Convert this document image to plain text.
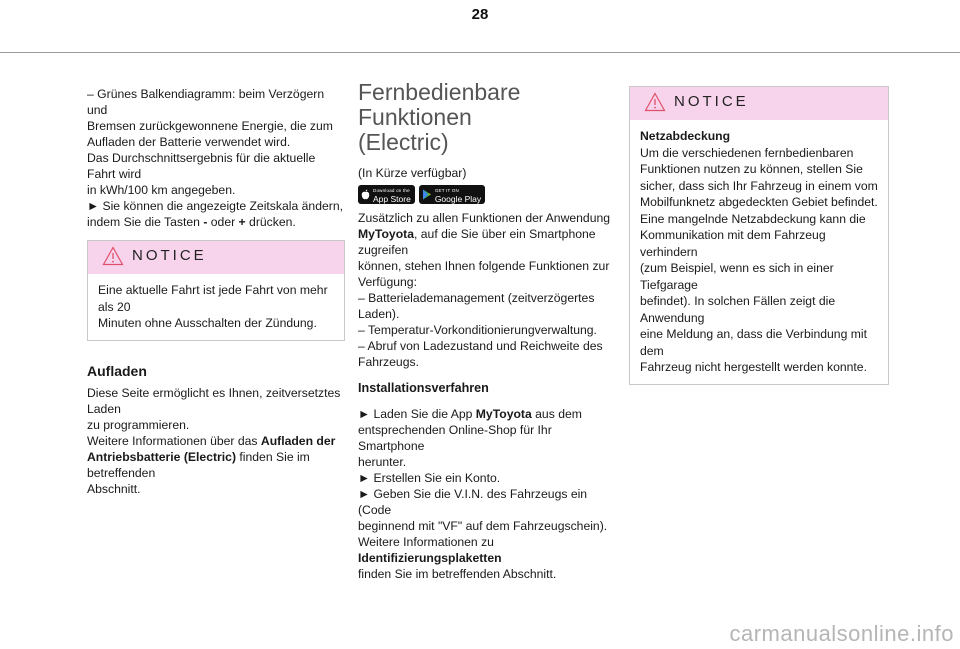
28

– Grünes Balkendiagramm: beim Verzögern und

Bremsen zurückgewonnene Energie, die zum

Aufladen der Batterie verwendet wird.

Das Durchschnittsergebnis für die aktuelle Fahrt wird

in kWh/100 km angegeben.

► Sie können die angezeigte Zeitskala ändern,

indem Sie die Tasten - oder + drücken.

NOTICE

Eine aktuelle Fahrt ist jede Fahrt von mehr als 20

Minuten ohne Ausschalten der Zündung.

Aufladen

Diese Seite ermöglicht es Ihnen, zeitversetztes Laden

zu programmieren.

Weitere Informationen über das Aufladen der

Antriebsbatterie (Electric) finden Sie im betreffenden

Abschnitt.

Fernbedienbare Funktionen

(Electric)

(In Kürze verfügbar)

Download on the
App Store
GET IT ON
Google Play

Zusätzlich zu allen Funktionen der Anwendung

MyToyota, auf die Sie über ein Smartphone zugreifen

können, stehen Ihnen folgende Funktionen zur

Verfügung:

– Batterielademanagement (zeitverzögertes Laden).

– Temperatur-Vorkonditionierungverwaltung.

– Abruf von Ladezustand und Reichweite des

Fahrzeugs.

Installationsverfahren

► Laden Sie die App MyToyota aus dem

entsprechenden Online-Shop für Ihr Smartphone

herunter.

► Erstellen Sie ein Konto.

► Geben Sie die V.I.N. des Fahrzeugs ein (Code

beginnend mit "VF" auf dem Fahrzeugschein).

Weitere Informationen zu Identifizierungsplaketten

finden Sie im betreffenden Abschnitt.

NOTICE

Netzabdeckung

Um die verschiedenen fernbedienbaren

Funktionen nutzen zu können, stellen Sie

sicher, dass sich Ihr Fahrzeug in einem vom

Mobilfunknetz abgedeckten Gebiet befindet.

Eine mangelnde Netzabdeckung kann die

Kommunikation mit dem Fahrzeug verhindern

(zum Beispiel, wenn es sich in einer Tiefgarage

befindet). In solchen Fällen zeigt die Anwendung

eine Meldung an, dass die Verbindung mit dem

Fahrzeug nicht hergestellt werden konnte.

carmanualsonline.info
